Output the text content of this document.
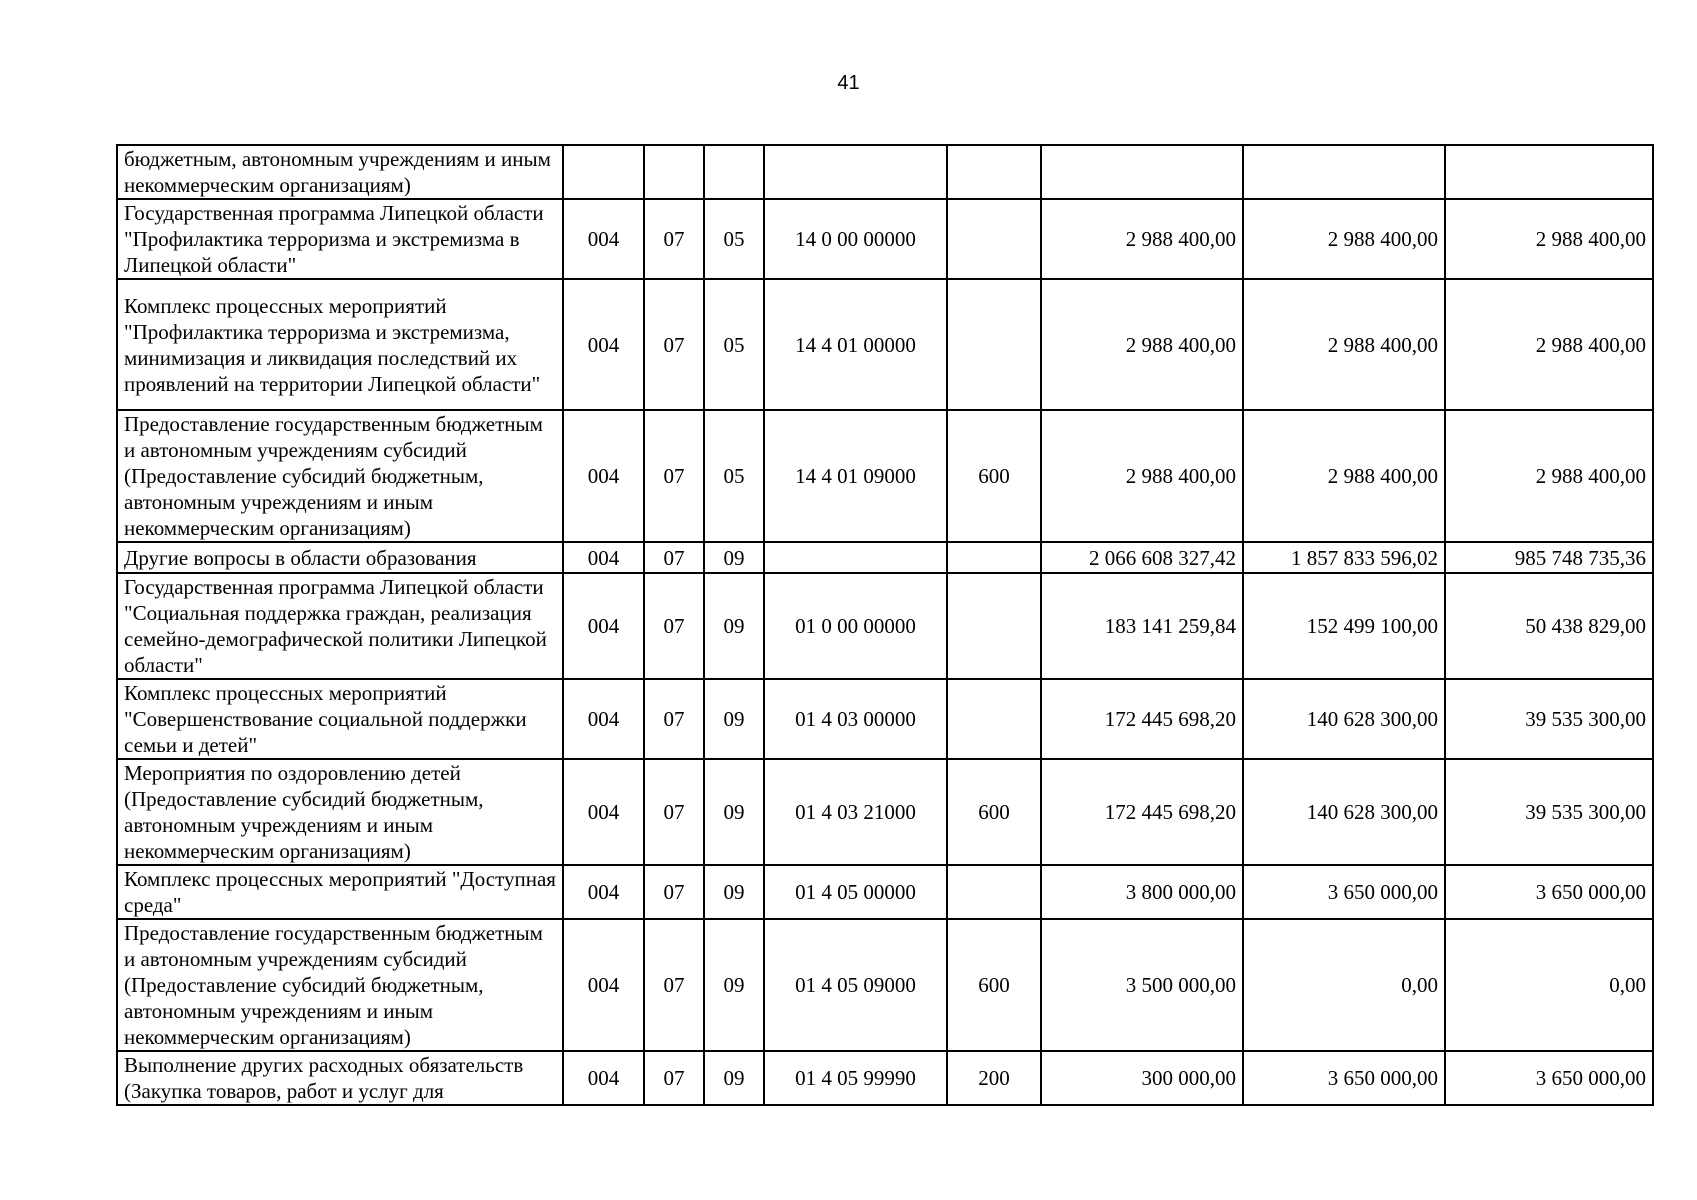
41
бюджетным, автономным учреждениям и иным некоммерческим организациям)								
Государственная программа Липецкой области "Профилактика терроризма и экстремизма в Липецкой области"	004	07	05	14 0 00 00000		2 988 400,00	2 988 400,00	2 988 400,00
Комплекс процессных мероприятий "Профилактика терроризма и экстремизма, минимизация и ликвидация последствий их проявлений на территории Липецкой области"	004	07	05	14 4 01 00000		2 988 400,00	2 988 400,00	2 988 400,00
Предоставление государственным бюджетным и автономным учреждениям субсидий (Предоставление субсидий бюджетным, автономным учреждениям и иным некоммерческим организациям)	004	07	05	14 4 01 09000	600	2 988 400,00	2 988 400,00	2 988 400,00
Другие вопросы в области образования	004	07	09			2 066 608 327,42	1 857 833 596,02	985 748 735,36
Государственная программа Липецкой области "Социальная поддержка граждан, реализация семейно-демографической политики Липецкой области"	004	07	09	01 0 00 00000		183 141 259,84	152 499 100,00	50 438 829,00
Комплекс процессных мероприятий "Совершенствование социальной поддержки семьи и детей"	004	07	09	01 4 03 00000		172 445 698,20	140 628 300,00	39 535 300,00
Мероприятия по оздоровлению детей (Предоставление субсидий бюджетным, автономным учреждениям и иным некоммерческим организациям)	004	07	09	01 4 03 21000	600	172 445 698,20	140 628 300,00	39 535 300,00
Комплекс процессных мероприятий "Доступная среда"	004	07	09	01 4 05 00000		3 800 000,00	3 650 000,00	3 650 000,00
Предоставление государственным бюджетным и автономным учреждениям субсидий (Предоставление субсидий бюджетным, автономным учреждениям и иным некоммерческим организациям)	004	07	09	01 4 05 09000	600	3 500 000,00	0,00	0,00
Выполнение других расходных обязательств (Закупка товаров, работ и услуг для	004	07	09	01 4 05 99990	200	300 000,00	3 650 000,00	3 650 000,00
